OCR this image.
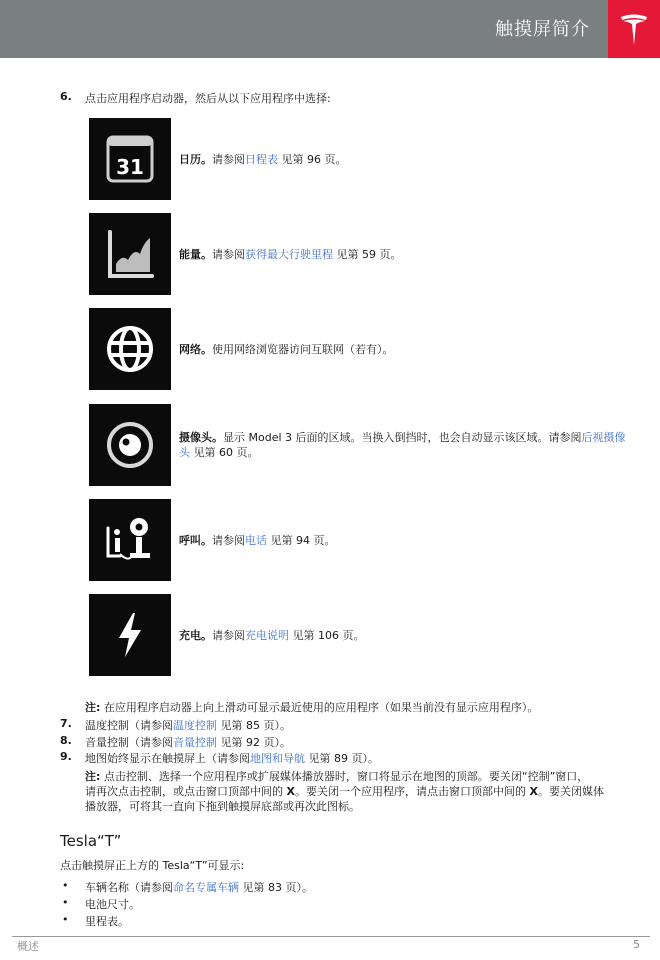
触摸屏简介
6. 点击应用程序启动器，然后从以下应用程序中选择:
31	日历。请参阅日程表 见第 96 页。
能量。请参阅获得最大行驶里程 见第 59 页。
网络。使用网络浏览器访问互联网（若有）。
摄像头。显示 Model 3 后面的区域。当换入倒挡时，也会自动显示该区域。请参阅后视摄像头 见第 60 页。
呼叫。请参阅电话 见第 94 页。
充电。请参阅充电说明 见第 106 页。
注: 在应用程序启动器上向上滑动可显示最近使用的应用程序（如果当前没有显示应用程序）。
7. 温度控制（请参阅温度控制 见第 85 页）。
8. 音量控制（请参阅音量控制 见第 92 页）。
9. 地图始终显示在触摸屏上（请参阅地图和导航 见第 89 页）。
注: 点击控制、选择一个应用程序或扩展媒体播放器时，窗口将显示在地图的顶部。要关闭“控制”窗口，
请再次点击控制，或点击窗口顶部中间的 X。要关闭一个应用程序，请点击窗口顶部中间的 X。要关闭媒体
播放器，可将其一直向下拖到触摸屏底部或再次此图标。
Tesla“T”
点击触摸屏正上方的 Tesla“T”可显示:
• 车辆名称（请参阅命名专属车辆 见第 83 页）。
• 电池尺寸。
• 里程表。
概述	5
